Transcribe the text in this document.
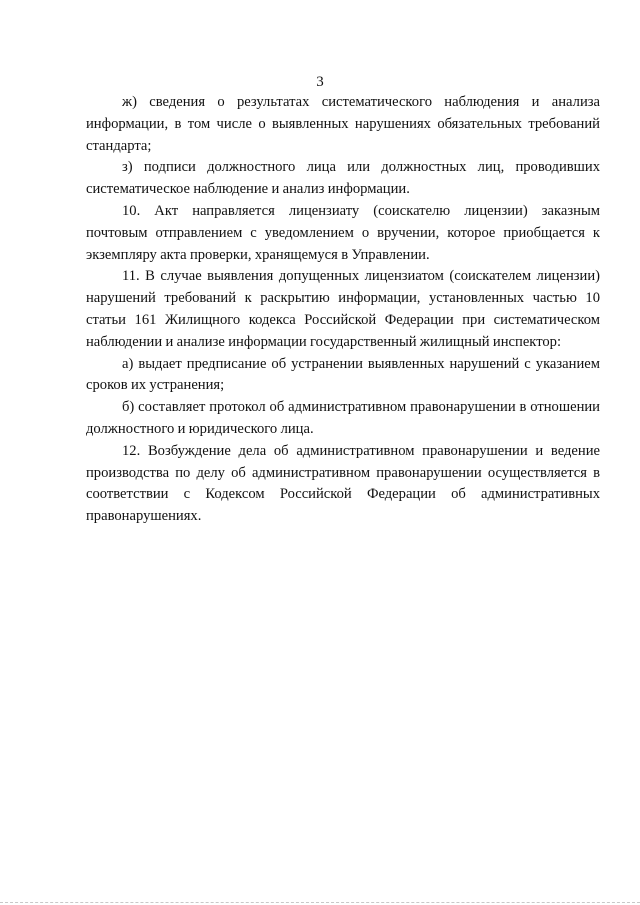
3

ж) сведения о результатах систематического наблюдения и анализа информации, в том числе о выявленных нарушениях обязательных требований стандарта;

з) подписи должностного лица или должностных лиц, проводивших систематическое наблюдение и анализ информации.

10. Акт направляется лицензиату (соискателю лицензии) заказным почтовым отправлением с уведомлением о вручении, которое приобщается к экземпляру акта проверки, хранящемуся в Управлении.

11. В случае выявления допущенных лицензиатом (соискателем лицензии) нарушений требований к раскрытию информации, установленных частью 10 статьи 161 Жилищного кодекса Российской Федерации при систематическом наблюдении и анализе информации государственный жилищный инспектор:

а) выдает предписание об устранении выявленных нарушений с указанием сроков их устранения;

б) составляет протокол об административном правонарушении в отношении должностного и юридического лица.

12. Возбуждение дела об административном правонарушении и ведение производства по делу об административном правонарушении осуществляется в соответствии с Кодексом Российской Федерации об административных правонарушениях.
